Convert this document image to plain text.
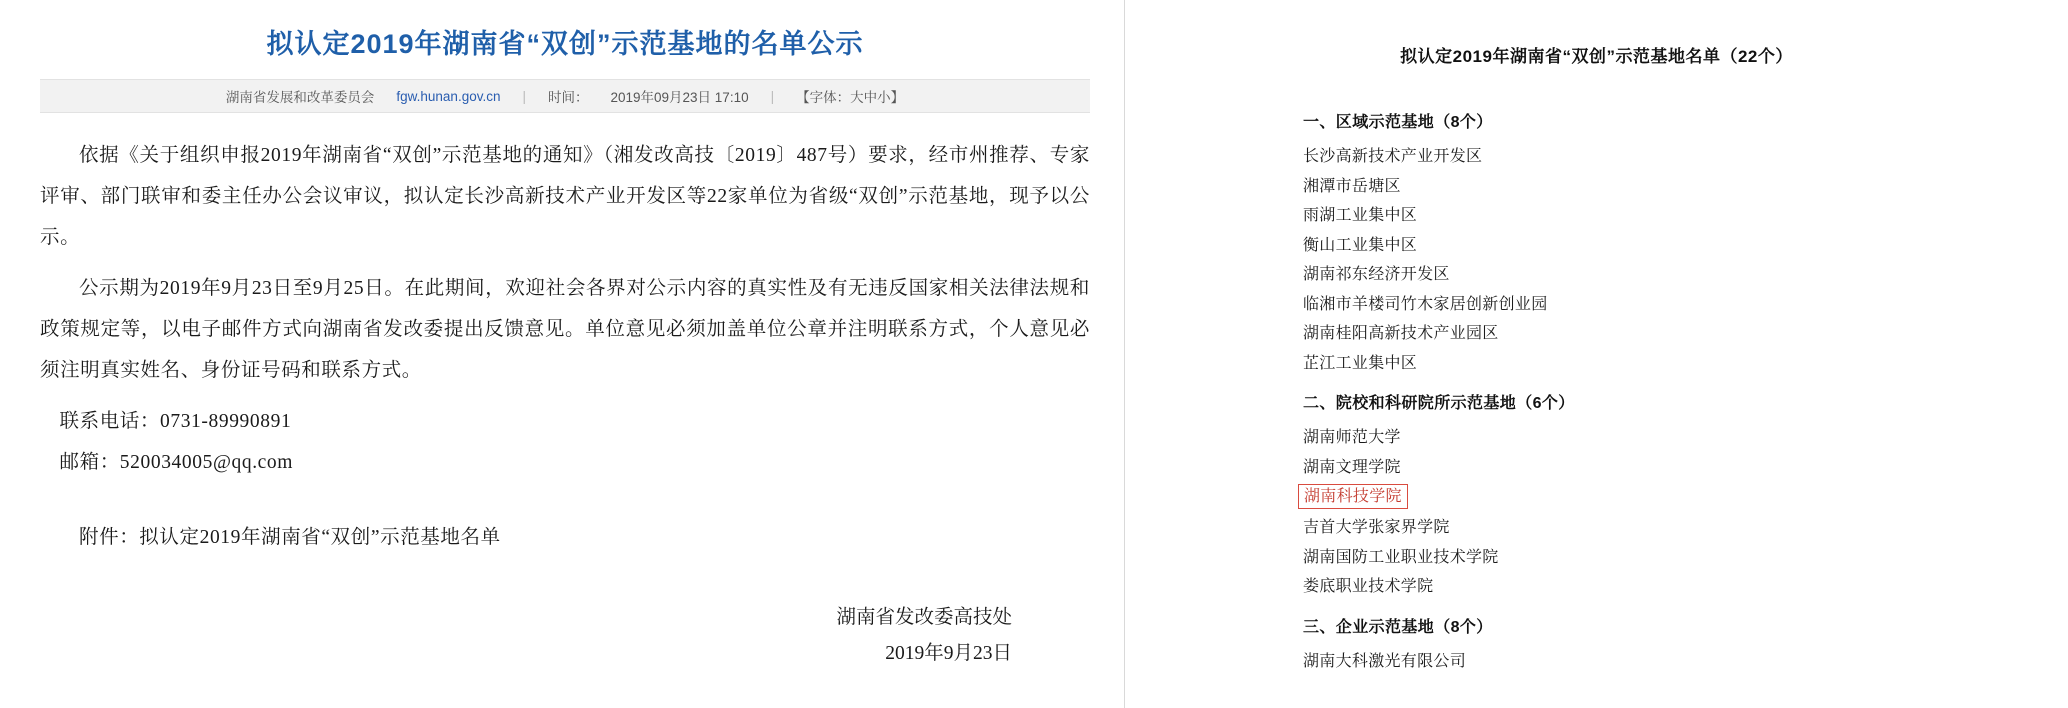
拟认定2019年湖南省“双创”示范基地的名单公示
湖南省发展和改革委员会 fgw.hunan.gov.cn | 时间： 2019年09月23日 17:10 | 【字体：大中小】

依据《关于组织申报2019年湖南省“双创”示范基地的通知》（湘发改高技〔2019〕487号）要求，经市州推荐、专家评审、部门联审和委主任办公会议审议，拟认定长沙高新技术产业开发区等22家单位为省级“双创”示范基地，现予以公示。

公示期为2019年9月23日至9月25日。在此期间，欢迎社会各界对公示内容的真实性及有无违反国家相关法律法规和政策规定等，以电子邮件方式向湖南省发改委提出反馈意见。单位意见必须加盖单位公章并注明联系方式，个人意见必须注明真实姓名、身份证号码和联系方式。

联系电话：0731-89990891

邮箱：520034005@qq.com

附件：拟认定2019年湖南省“双创”示范基地名单

湖南省发改委高技处
2019年9月23日
拟认定2019年湖南省“双创”示范基地名单（22个）

一、区域示范基地（8个）

长沙高新技术产业开发区

湘潭市岳塘区

雨湖工业集中区

衡山工业集中区

湖南祁东经济开发区

临湘市羊楼司竹木家居创新创业园

湖南桂阳高新技术产业园区

芷江工业集中区

二、院校和科研院所示范基地（6个）

湖南师范大学

湖南文理学院

湖南科技学院

吉首大学张家界学院

湖南国防工业职业技术学院

娄底职业技术学院

三、企业示范基地（8个）

湖南大科激光有限公司
